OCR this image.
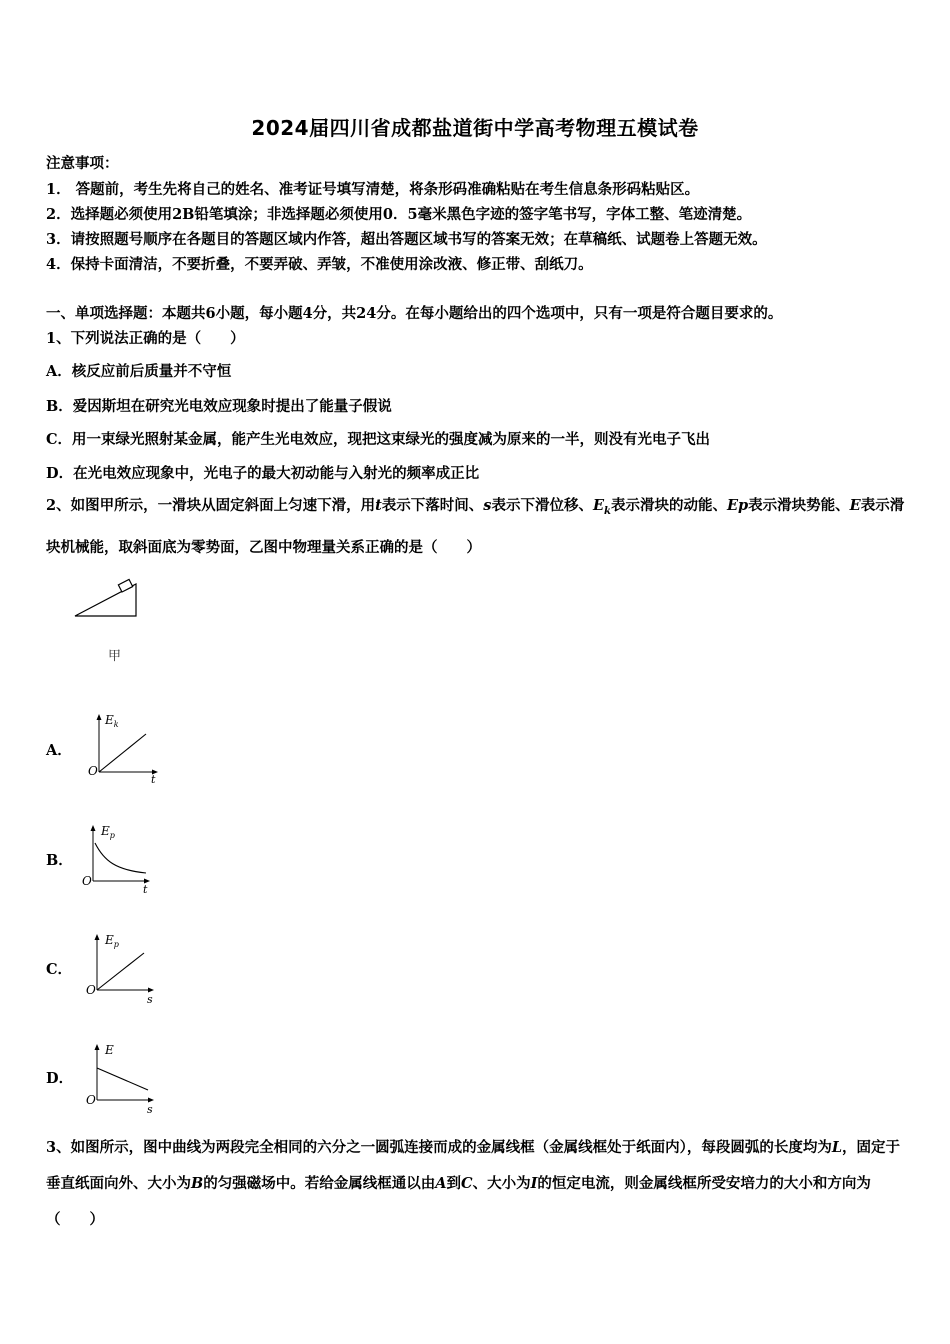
2024届四川省成都盐道街中学高考物理五模试卷
注意事项：
1． 答题前，考生先将自己的姓名、准考证号填写清楚，将条形码准确粘贴在考生信息条形码粘贴区。
2．选择题必须使用2B铅笔填涂；非选择题必须使用0．5毫米黑色字迹的签字笔书写，字体工整、笔迹清楚。
3．请按照题号顺序在各题目的答题区域内作答，超出答题区域书写的答案无效；在草稿纸、试题卷上答题无效。
4．保持卡面清洁，不要折叠，不要弄破、弄皱，不准使用涂改液、修正带、刮纸刀。
一、单项选择题：本题共6小题，每小题4分，共24分。在每小题给出的四个选项中，只有一项是符合题目要求的。
1、下列说法正确的是（　　）
A．核反应前后质量并不守恒
B．爱因斯坦在研究光电效应现象时提出了能量子假说
C．用一束绿光照射某金属，能产生光电效应，现把这束绿光的强度减为原来的一半，则没有光电子飞出
D．在光电效应现象中，光电子的最大初动能与入射光的频率成正比
2、如图甲所示，一滑块从固定斜面上匀速下滑，用t表示下落时间、s表示下滑位移、$E_k$表示滑块的动能、Ep表示滑块势能、E表示滑块机械能，取斜面底为零势面，乙图中物理量关系正确的是（　　）
甲
A．
$E_k$
O
t
B．
$E_p$
O
t
C．
$E_p$
O
s
D．
E
O
s
3、如图所示，图中曲线为两段完全相同的六分之一圆弧连接而成的金属线框（金属线框处于纸面内），每段圆弧的长度均为L，固定于垂直纸面向外、大小为B的匀强磁场中。若给金属线框通以由A到C、大小为I的恒定电流，则金属线框所受安培力的大小和方向为（　　）
